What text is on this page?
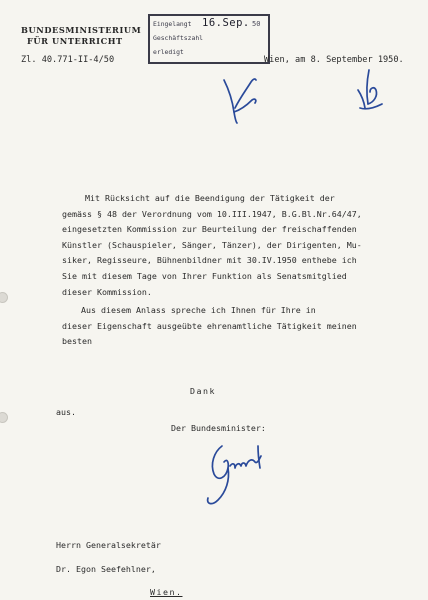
BUNDESMINISTERIUM
FÜR UNTERRICHT
Zl. 40.771-II-4/50
Eingelangt 16.Sep. 50
Geschäftszahl
erledigt
Wien, am 8. September 1950.
Mit Rücksicht auf die Beendigung der Tätigkeit der
gemäss § 48 der Verordnung vom 10.III.1947, B.G.Bl.Nr.64/47,
eingesetzten Kommission zur Beurteilung der freischaffenden
Künstler (Schauspieler, Sänger, Tänzer), der Dirigenten, Mu-
siker, Regisseure, Bühnenbildner mit 30.IV.1950 enthebe ich
Sie mit diesem Tage von Ihrer Funktion als Senatsmitglied
dieser Kommission.
Aus diesem Anlass spreche ich Ihnen für Ihre in
dieser Eigenschaft ausgeübte ehrenamtliche Tätigkeit meinen
besten
Dank
aus.
Der Bundesminister:
Herrn Generalsekretär
Dr. Egon Seefehlner,
Wien.
